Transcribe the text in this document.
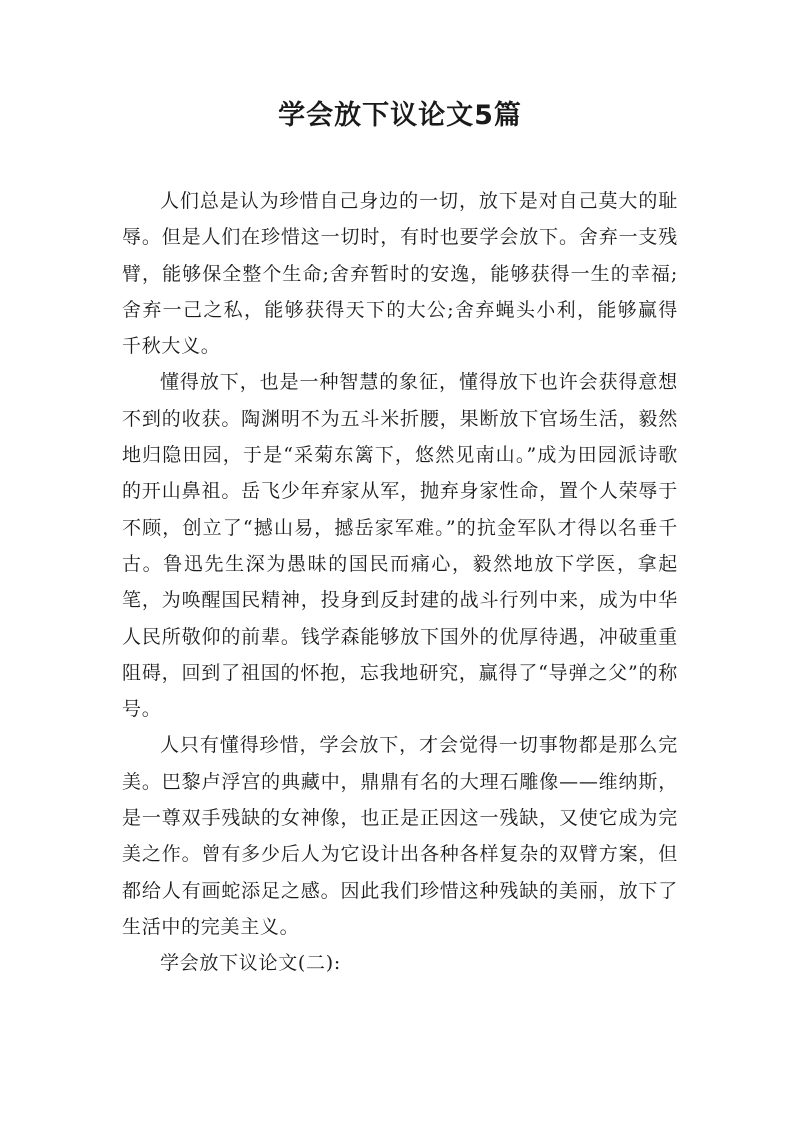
学会放下议论文5篇

人们总是认为珍惜自己身边的一切，放下是对自己莫大的耻辱。但是人们在珍惜这一切时，有时也要学会放下。舍弃一支残臂，能够保全整个生命;舍弃暂时的安逸，能够获得一生的幸福;舍弃一己之私，能够获得天下的大公;舍弃蝇头小利，能够赢得千秋大义。

懂得放下，也是一种智慧的象征，懂得放下也许会获得意想不到的收获。陶渊明不为五斗米折腰，果断放下官场生活，毅然地归隐田园，于是“采菊东篱下，悠然见南山。”成为田园派诗歌的开山鼻祖。岳飞少年弃家从军，抛弃身家性命，置个人荣辱于不顾，创立了“撼山易，撼岳家军难。”的抗金军队才得以名垂千古。鲁迅先生深为愚昧的国民而痛心，毅然地放下学医，拿起笔，为唤醒国民精神，投身到反封建的战斗行列中来，成为中华人民所敬仰的前辈。钱学森能够放下国外的优厚待遇，冲破重重阻碍，回到了祖国的怀抱，忘我地研究，赢得了“导弹之父”的称号。

人只有懂得珍惜，学会放下，才会觉得一切事物都是那么完美。巴黎卢浮宫的典藏中，鼎鼎有名的大理石雕像——维纳斯，是一尊双手残缺的女神像，也正是正因这一残缺，又使它成为完美之作。曾有多少后人为它设计出各种各样复杂的双臂方案，但都给人有画蛇添足之感。因此我们珍惜这种残缺的美丽，放下了生活中的完美主义。

学会放下议论文(二):
